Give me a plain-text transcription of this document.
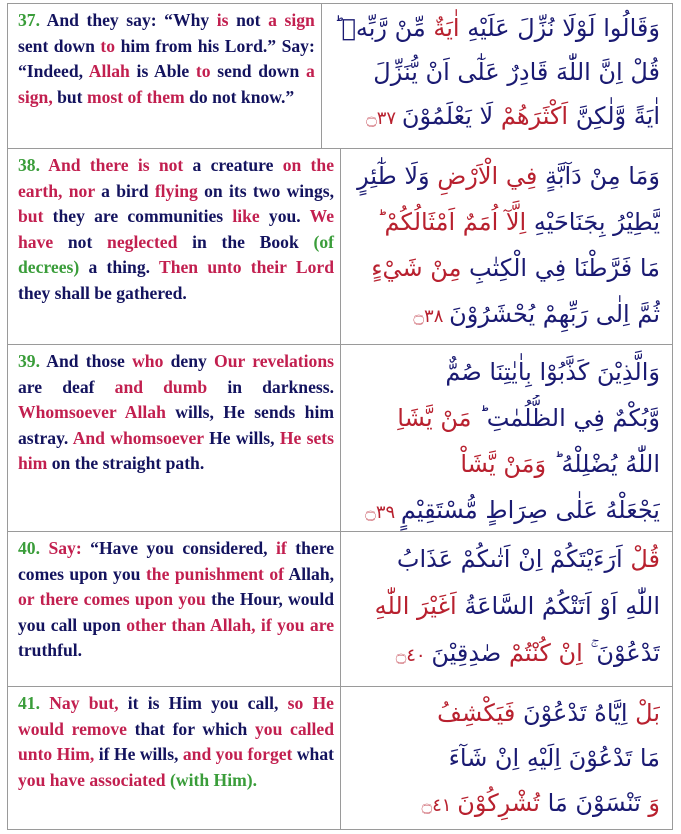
37. And they say: “Why is not a sign sent down to him from his Lord.” Say: “Indeed, Allah is Able to send down a sign, but most of them do not know.”
وَقَالُوا لَوْلَا نُزِّلَ عَلَيْهِ اٰيَةٌ مِّنْ رَّبِّهٖ ؕ
قُلْ اِنَّ اللّٰهَ قَادِرٌ عَلٰٓى اَنْ يُّنَزِّلَ
اٰيَةً وَّلٰكِنَّ اَكْثَرَهُمْ لَا يَعْلَمُوْنَ ۝٣٧
38. And there is not a creature on the earth, nor a bird flying on its two wings, but they are communities like you. We have not neglected in the Book (of decrees) a thing. Then unto their Lord they shall be gathered.
وَمَا مِنْ دَآبَّةٍ فِي الْاَرْضِ وَلَا طٰٓئِرٍ
يَّطِيْرُ بِجَنَاحَيْهِ اِلَّآ اُمَمٌ اَمْثَالُكُمْ ؕ
مَا فَرَّطْنَا فِي الْكِتٰبِ مِنْ شَيْءٍ
ثُمَّ اِلٰى رَبِّهِمْ يُحْشَرُوْنَ ۝٣٨
39. And those who deny Our revelations are deaf and dumb in darkness. Whomsoever Allah wills, He sends him astray. And whomsoever He wills, He sets him on the straight path.
وَالَّذِيْنَ كَذَّبُوْا بِاٰيٰتِنَا صُمٌّ
وَّبُكْمٌ فِي الظُّلُمٰتِ ؕ مَنْ يَّشَاِ
اللّٰهُ يُضْلِلْهُ ؕ وَمَنْ يَّشَاْ
يَجْعَلْهُ عَلٰى صِرَاطٍ مُّسْتَقِيْمٍ ۝٣٩
40. Say: “Have you considered, if there comes upon you the punishment of Allah, or there comes upon you the Hour, would you call upon other than Allah, if you are truthful.
قُلْ اَرَءَيْتَكُمْ اِنْ اَتٰىكُمْ عَذَابُ
اللّٰهِ اَوْ اَتَتْكُمُ السَّاعَةُ اَغَيْرَ اللّٰهِ
تَدْعُوْنَ ۚ اِنْ كُنْتُمْ صٰدِقِيْنَ ۝٤٠
41. Nay but, it is Him you call, so He would remove that for which you called unto Him, if He wills, and you forget what you have associated (with Him).
بَلْ اِيَّاهُ تَدْعُوْنَ فَيَكْشِفُ
مَا تَدْعُوْنَ اِلَيْهِ اِنْ شَآءَ
وَ تَنْسَوْنَ مَا تُشْرِكُوْنَ ۝٤١
